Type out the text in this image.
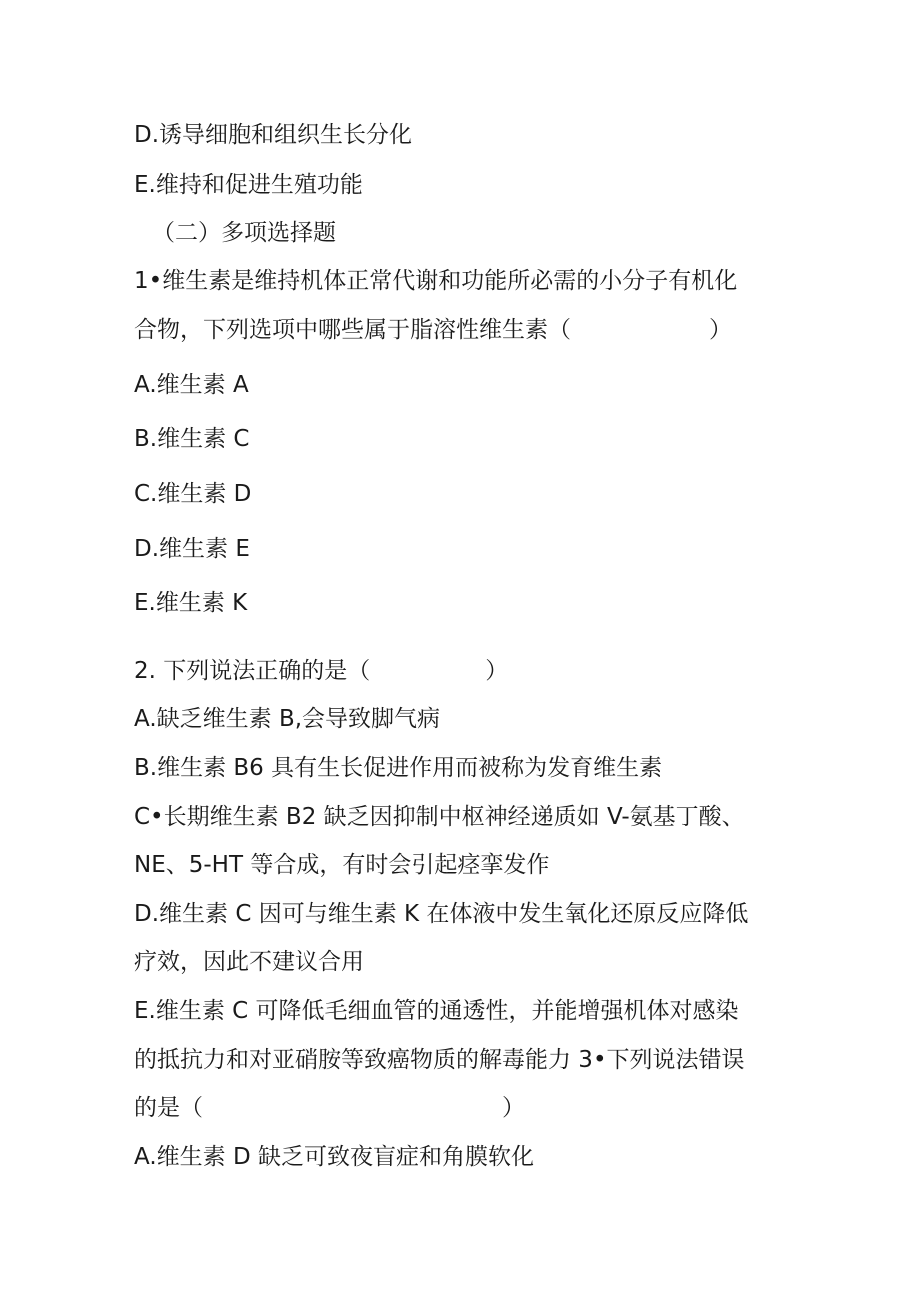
D.诱导细胞和组织生长分化
E.维持和促进生殖功能
（二）多项选择题
1•维生素是维持机体正常代谢和功能所必需的小分子有机化
合物，下列选项中哪些属于脂溶性维生素（　　　　　　）
A.维生素 A
B.维生素 C
C.维生素 D
D.维生素 E
E.维生素 K
2. 下列说法正确的是（　　　　　）
A.缺乏维生素 B,会导致脚气病
B.维生素 B6 具有生长促进作用而被称为发育维生素
C•长期维生素 B2 缺乏因抑制中枢神经递质如 V-氨基丁酸、
NE、5-HT 等合成，有时会引起痉挛发作
D.维生素 C 因可与维生素 K 在体液中发生氧化还原反应降低
疗效，因此不建议合用
E.维生素 C 可降低毛细血管的通透性，并能增强机体对感染
的抵抗力和对亚硝胺等致癌物质的解毒能力 3•下列说法错误
的是（　　　　　　　　　　　　　）
A.维生素 D 缺乏可致夜盲症和角膜软化
